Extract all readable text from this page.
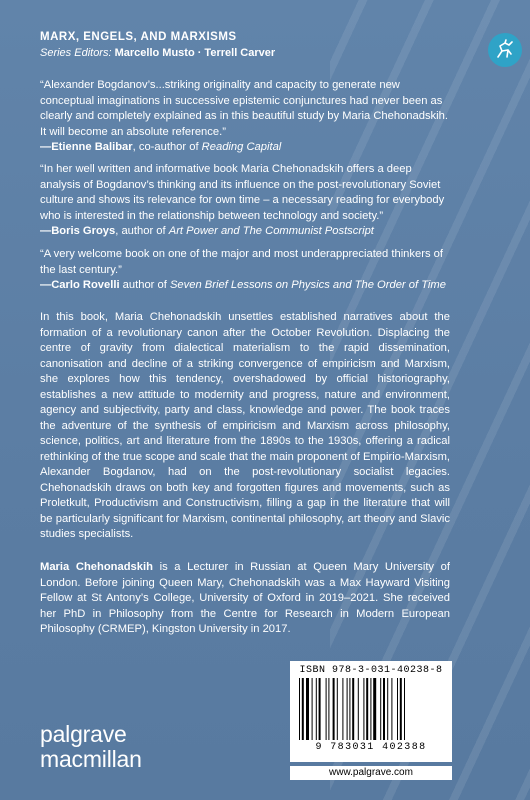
MARX, ENGELS, AND MARXISMS
Series Editors: Marcello Musto · Terrell Carver

“Alexander Bogdanov’s...striking originality and capacity to generate new conceptual imaginations in successive epistemic conjunctures had never been as clearly and completely explained as in this beautiful study by Maria Chehonadskih. It will become an absolute reference.”

—Etienne Balibar, co-author of Reading Capital

“In her well written and informative book Maria Chehonadskih offers a deep analysis of Bogdanov’s thinking and its influence on the post-revolutionary Soviet culture and shows its relevance for own time – a necessary reading for everybody who is interested in the relationship between technology and society.”

—Boris Groys, author of Art Power and The Communist Postscript

“A very welcome book on one of the major and most underappreciated thinkers of the last century.”

—Carlo Rovelli author of Seven Brief Lessons on Physics and The Order of Time

In this book, Maria Chehonadskih unsettles established narratives about the formation of a revolutionary canon after the October Revolution. Displacing the centre of gravity from dialectical materialism to the rapid dissemination, canonisation and decline of a striking convergence of empiricism and Marxism, she explores how this tendency, overshadowed by official historiography, establishes a new attitude to modernity and progress, nature and environment, agency and subjectivity, party and class, knowledge and power. The book traces the adventure of the synthesis of empiricism and Marxism across philosophy, science, politics, art and literature from the 1890s to the 1930s, offering a radical rethinking of the true scope and scale that the main proponent of Empirio-Marxism, Alexander Bogdanov, had on the post-revolutionary socialist legacies. Chehonadskih draws on both key and forgotten figures and movements, such as Proletkult, Productivism and Constructivism, filling a gap in the literature that will be particularly significant for Marxism, continental philosophy, art theory and Slavic studies specialists.
Maria Chehonadskih is a Lecturer in Russian at Queen Mary University of London. Before joining Queen Mary, Chehonadskih was a Max Hayward Visiting Fellow at St Antony’s College, University of Oxford in 2019–2021. She received her PhD in Philosophy from the Centre for Research in Modern European Philosophy (CRMEP), Kingston University in 2017.
ISBN 978-3-031-40238-8
9 783031 402388
www.palgrave.com
palgrave
macmillan
